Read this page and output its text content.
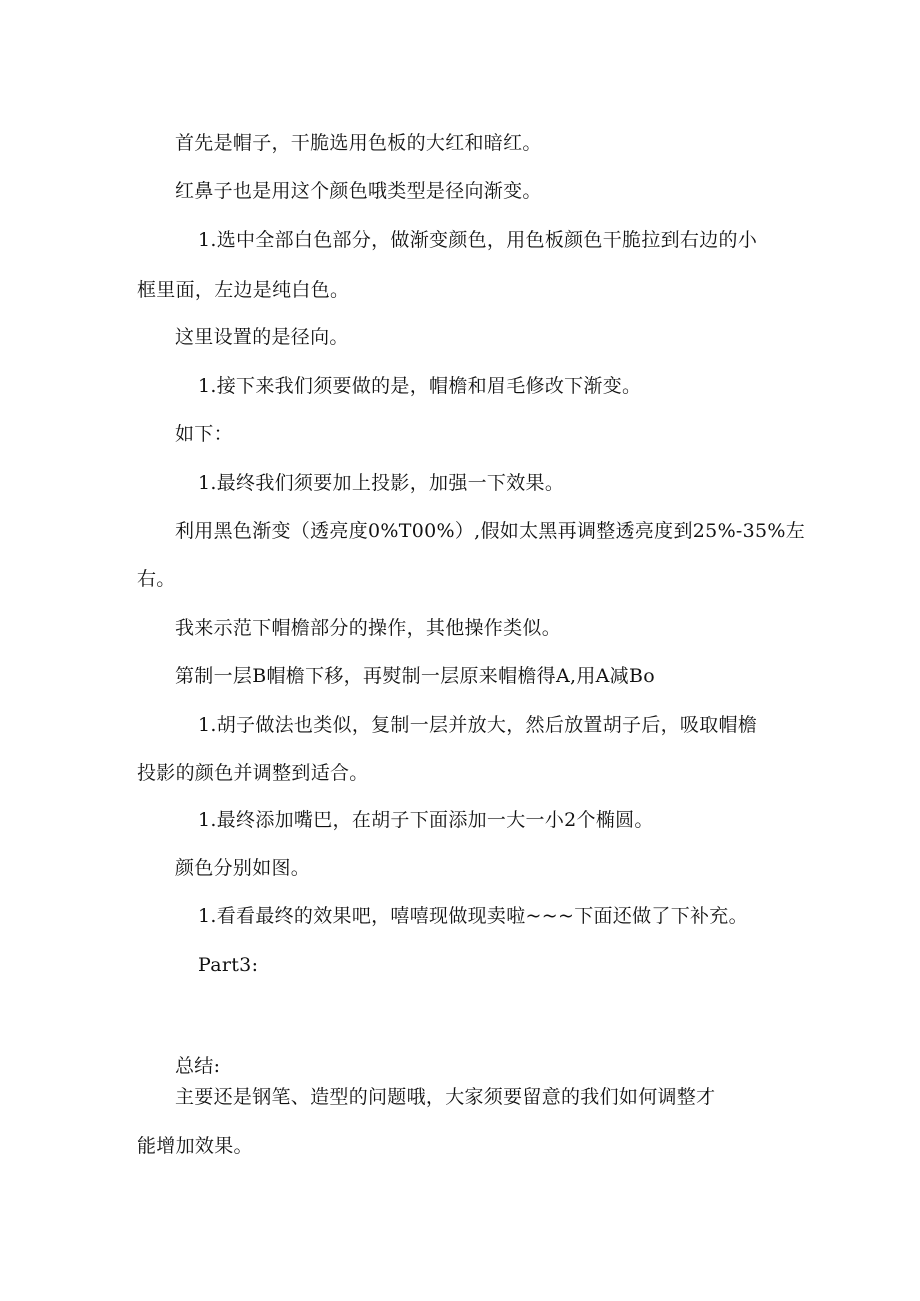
首先是帽子，干脆选用色板的大红和暗红。
红鼻子也是用这个颜色哦类型是径向渐变。
1.选中全部白色部分，做渐变颜色，用色板颜色干脆拉到右边的小
框里面，左边是纯白色。
这里设置的是径向。
1.接下来我们须要做的是，帽檐和眉毛修改下渐变。
如下：
1.最终我们须要加上投影，加强一下效果。
利用黑色渐变（透亮度0%T00%）,假如太黑再调整透亮度到25%-35%左
右。
我来示范下帽檐部分的操作，其他操作类似。
第制一层B帽檐下移，再熨制一层原来帽檐得A,用A减Bo
1.胡子做法也类似，复制一层并放大，然后放置胡子后，吸取帽檐
投影的颜色并调整到适合。
1.最终添加嘴巴，在胡子下面添加一大一小2个椭圆。
颜色分别如图。
1.看看最终的效果吧，嘻嘻现做现卖啦~~~下面还做了下补充。
Part3:
总结:
主要还是钢笔、造型的问题哦，大家须要留意的我们如何调整才
能增加效果。
